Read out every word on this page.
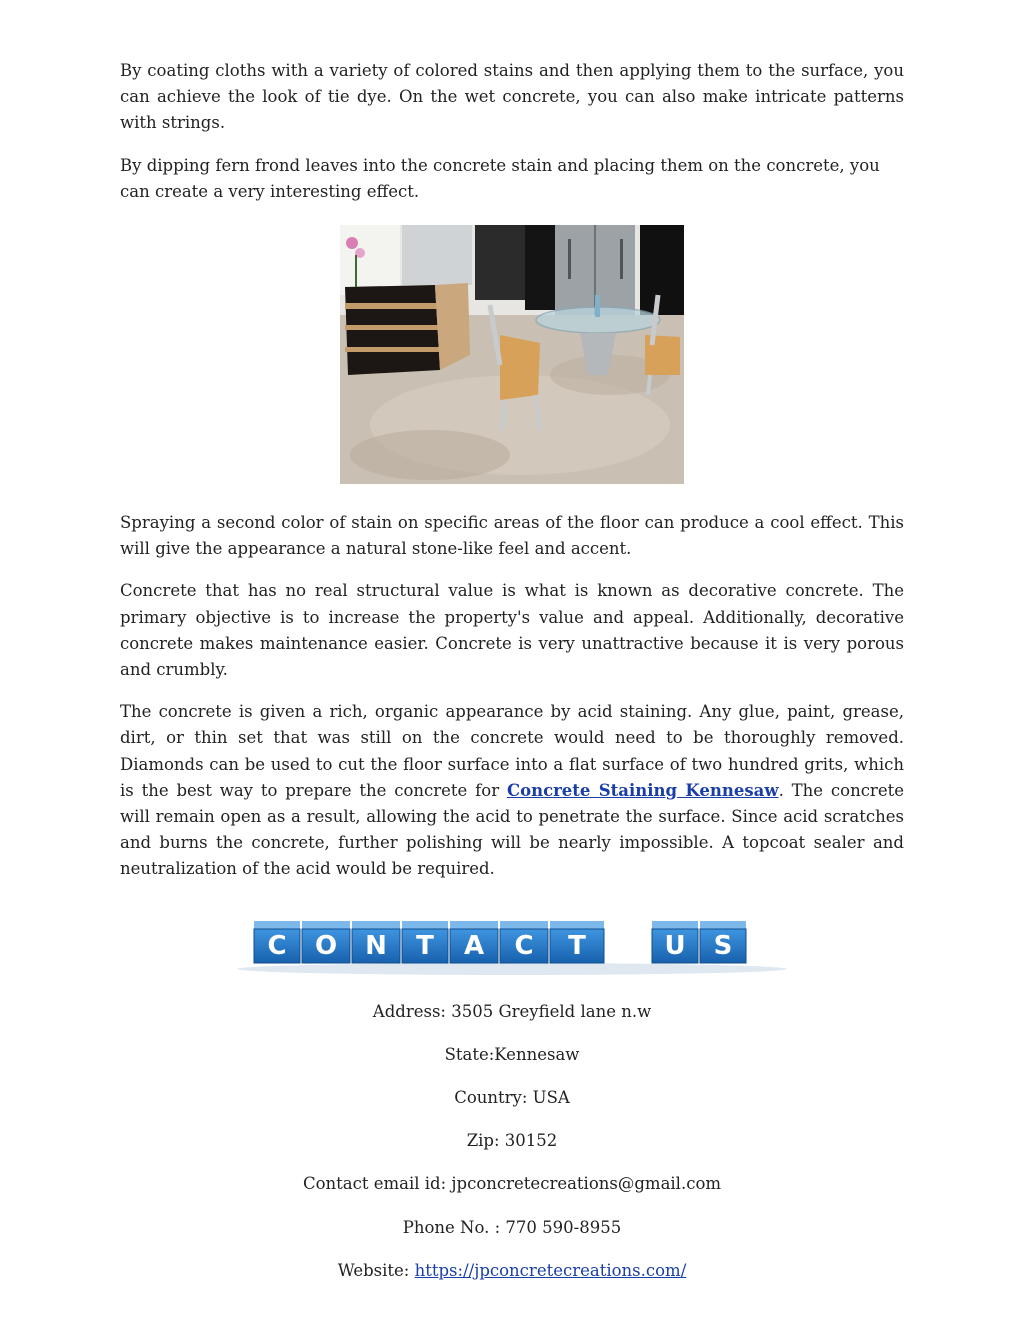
By coating cloths with a variety of colored stains and then applying them to the surface, you can achieve the look of tie dye. On the wet concrete, you can also make intricate patterns with strings.

By dipping fern frond leaves into the concrete stain and placing them on the concrete, you can create a very interesting effect.

Spraying a second color of stain on specific areas of the floor can produce a cool effect. This will give the appearance a natural stone-like feel and accent.

Concrete that has no real structural value is what is known as decorative concrete. The primary objective is to increase the property's value and appeal. Additionally, decorative concrete makes maintenance easier. Concrete is very unattractive because it is very porous and crumbly.

The concrete is given a rich, organic appearance by acid staining. Any glue, paint, grease, dirt, or thin set that was still on the concrete would need to be thoroughly removed. Diamonds can be used to cut the floor surface into a flat surface of two hundred grits, which is the best way to prepare the concrete for Concrete Staining Kennesaw. The concrete will remain open as a result, allowing the acid to penetrate the surface. Since acid scratches and burns the concrete, further polishing will be nearly impossible. A topcoat sealer and neutralization of the acid would be required.

C O N T A C T	U S

Address: 3505 Greyfield lane n.w

State:Kennesaw

Country: USA

Zip: 30152

Contact email id: jpconcretecreations@gmail.com

Phone No. : 770 590-8955

Website: https://jpconcretecreations.com/
